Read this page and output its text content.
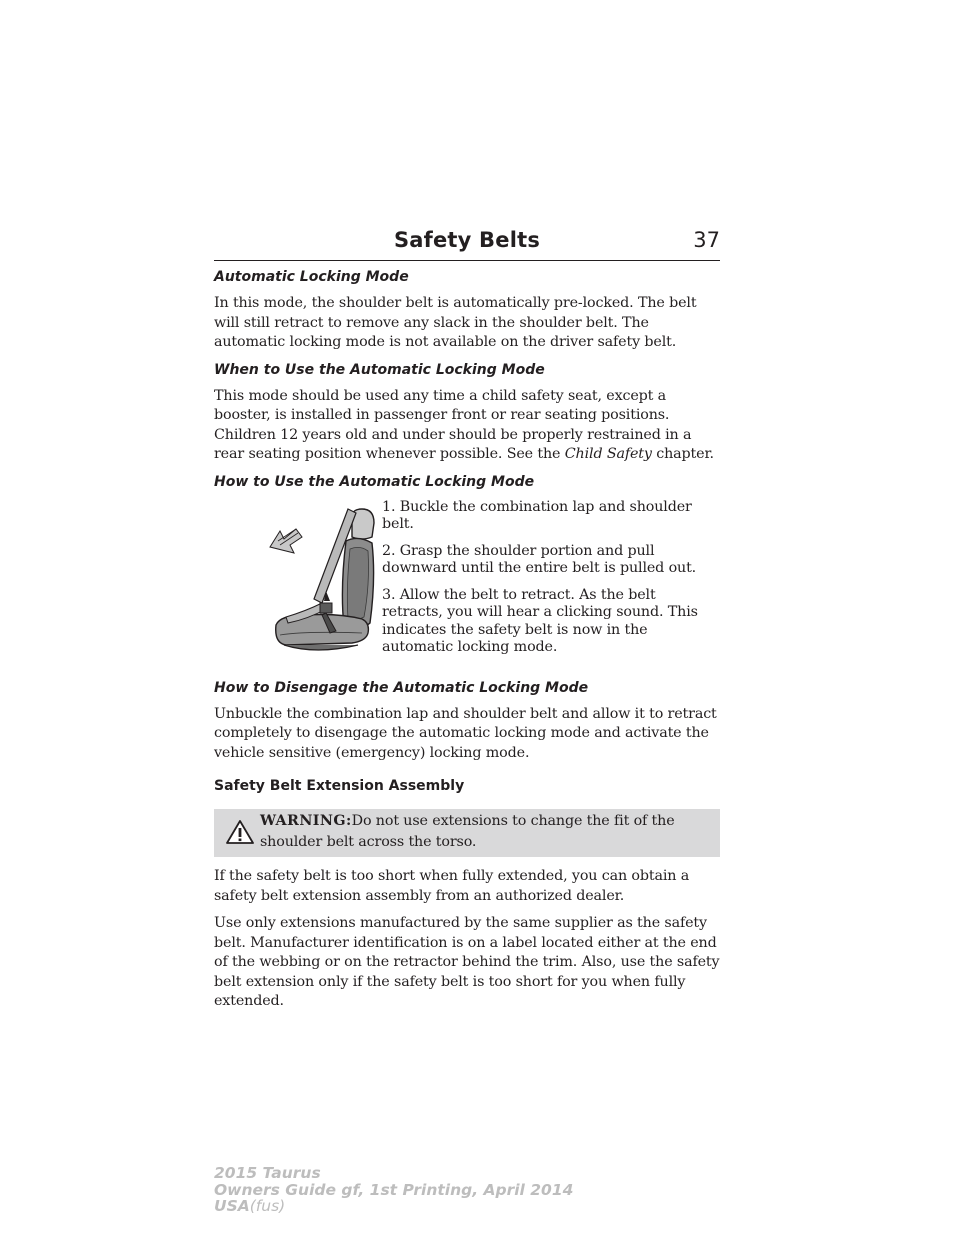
Safety Belts	37
Automatic Locking Mode

In this mode, the shoulder belt is automatically pre-locked. The belt will still retract to remove any slack in the shoulder belt. The automatic locking mode is not available on the driver safety belt.

When to Use the Automatic Locking Mode

This mode should be used any time a child safety seat, except a booster, is installed in passenger front or rear seating positions. Children 12 years old and under should be properly restrained in a rear seating position whenever possible. See the Child Safety chapter.

How to Use the Automatic Locking Mode

1. Buckle the combination lap and shoulder belt.

2. Grasp the shoulder portion and pull downward until the entire belt is pulled out.

3. Allow the belt to retract. As the belt retracts, you will hear a clicking sound. This indicates the safety belt is now in the automatic locking mode.

How to Disengage the Automatic Locking Mode

Unbuckle the combination lap and shoulder belt and allow it to retract completely to disengage the automatic locking mode and activate the vehicle sensitive (emergency) locking mode.

Safety Belt Extension Assembly

WARNING:Do not use extensions to change the fit of the shoulder belt across the torso.

If the safety belt is too short when fully extended, you can obtain a safety belt extension assembly from an authorized dealer.

Use only extensions manufactured by the same supplier as the safety belt. Manufacturer identification is on a label located either at the end of the webbing or on the retractor behind the trim. Also, use the safety belt extension only if the safety belt is too short for you when fully extended.

2015 Taurus
Owners Guide gf, 1st Printing, April 2014
USA(fus)
